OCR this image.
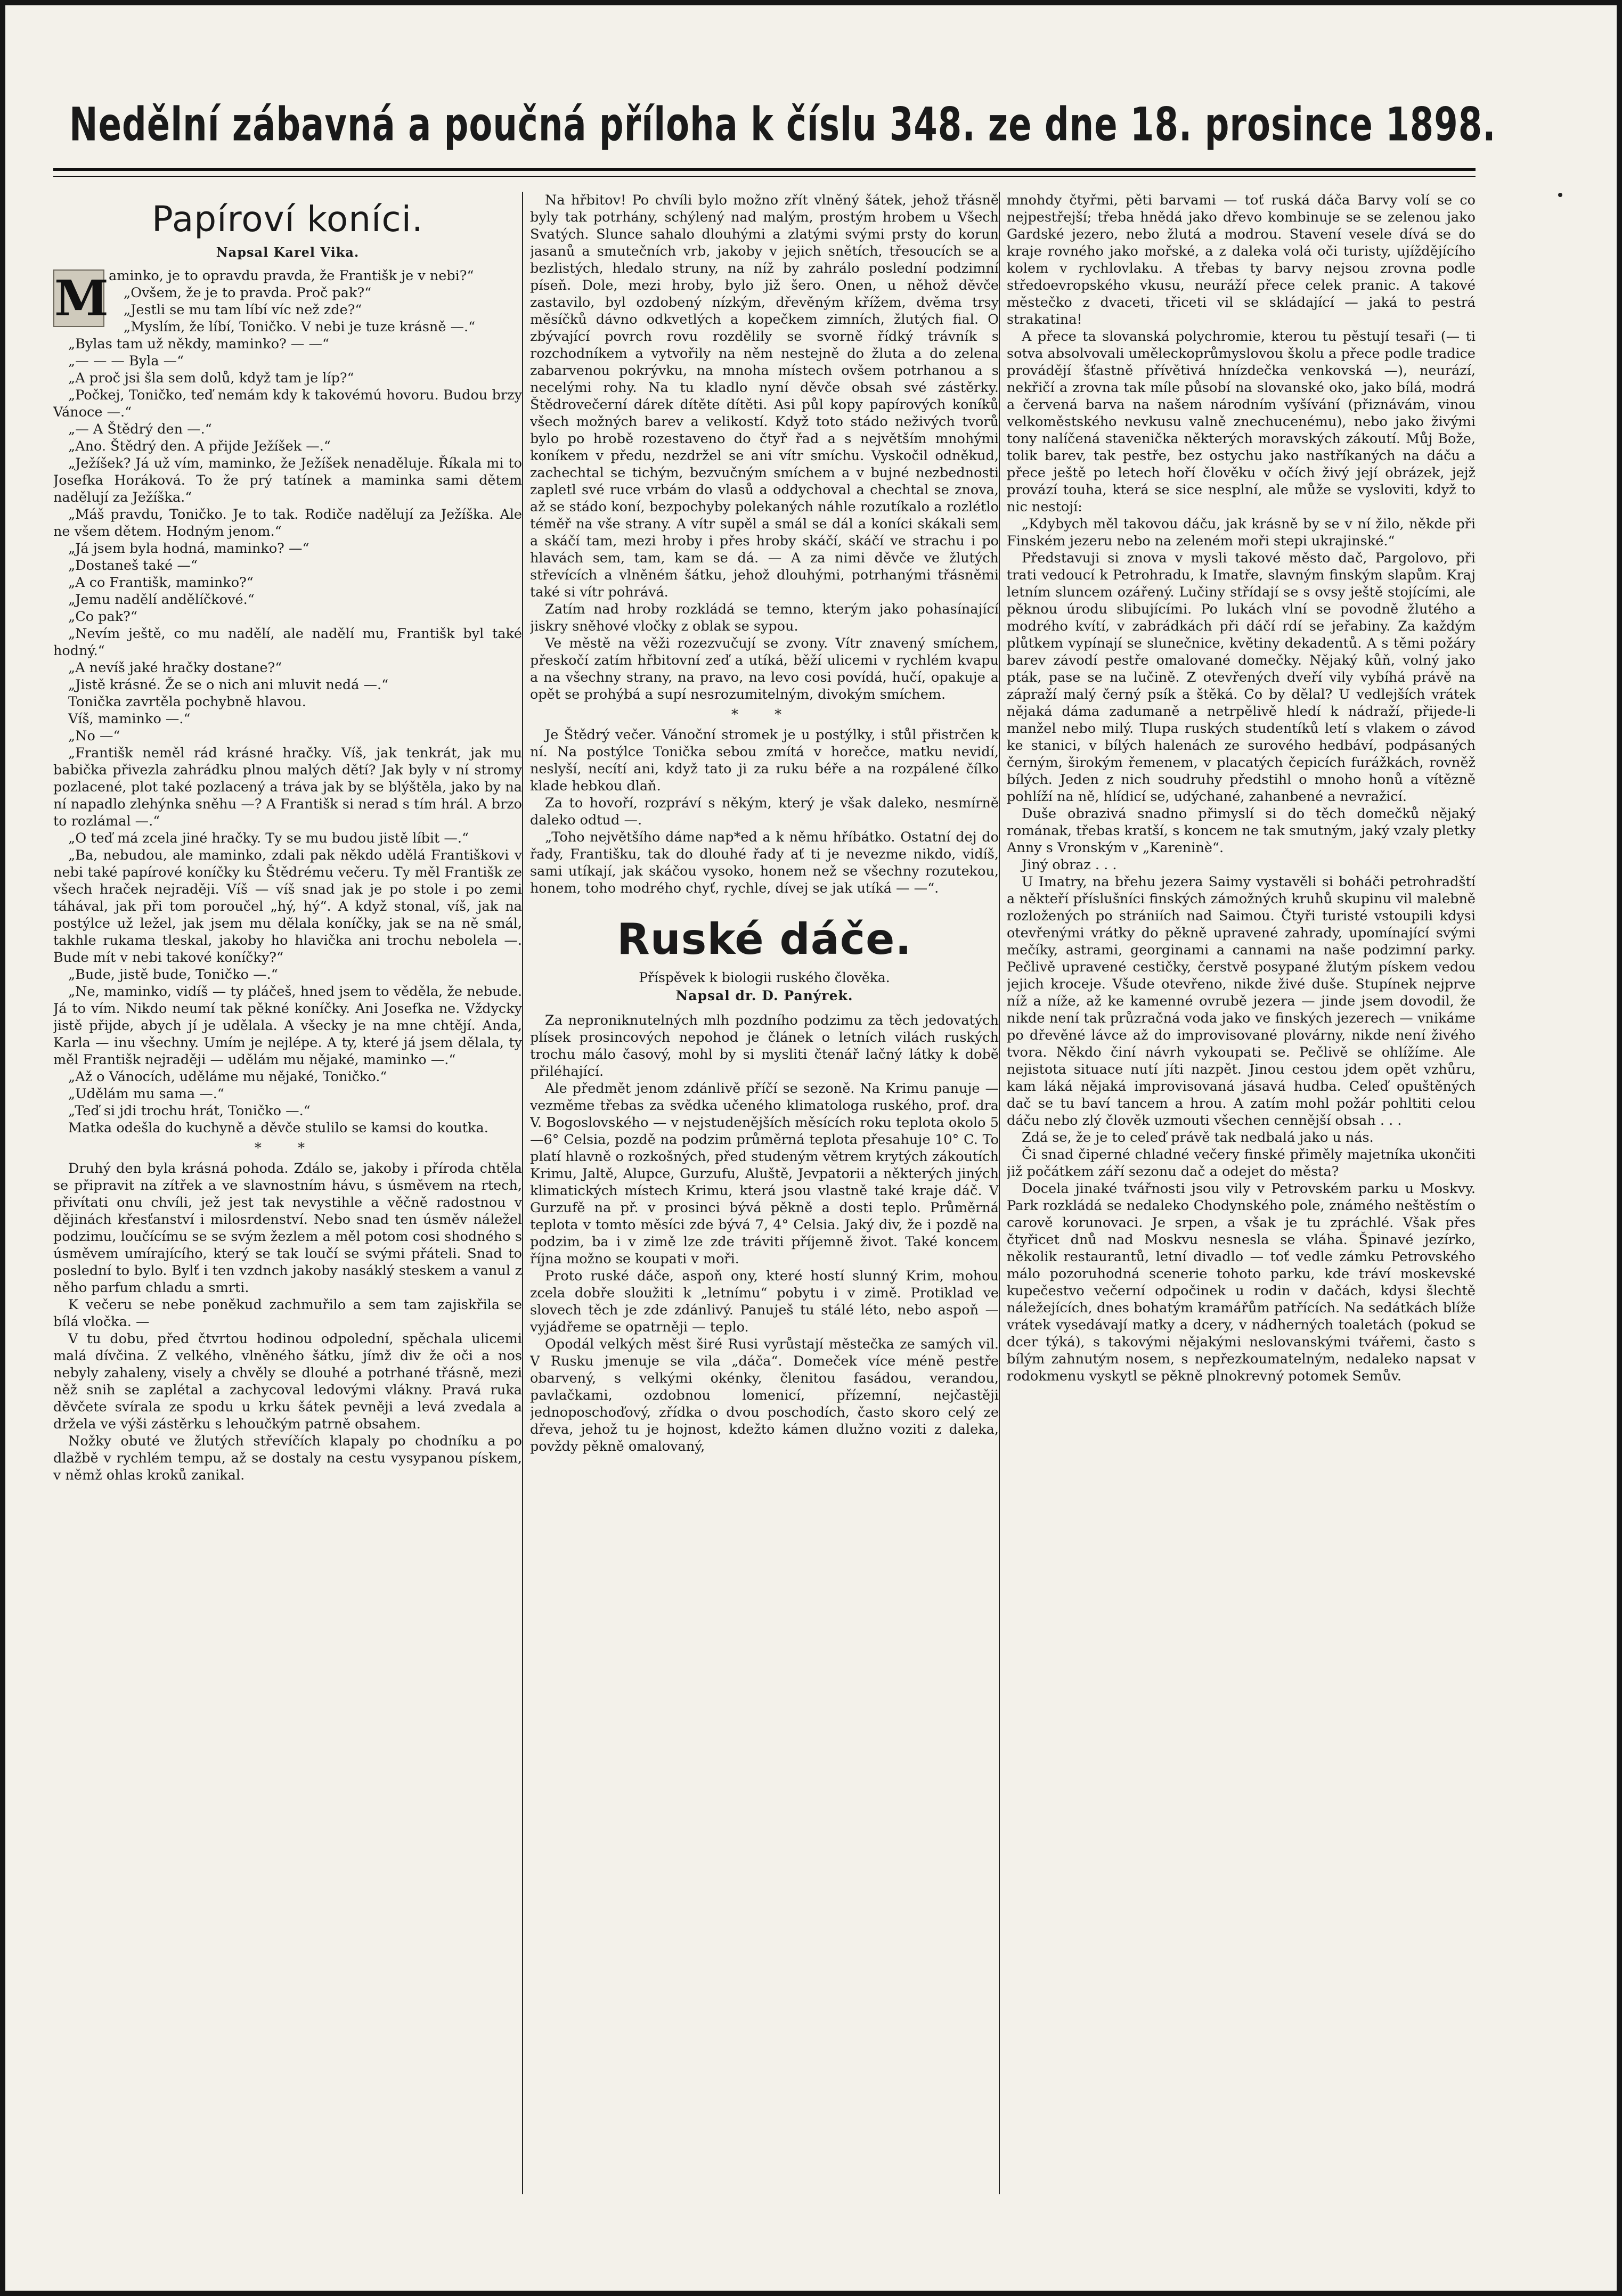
Nedělní zábavná a poučná příloha k číslu 348. ze dne 18. prosince 1898.
Papíroví koníci.
Napsal Karel Vika.
M aminko, je to opravdu pravda, že Františk je v nebi?“

„Ovšem, že je to pravda. Proč pak?“

„Jestli se mu tam líbí víc než zde?“

„Myslím, že líbí, Toničko. V nebi je tuze krásně —.“

„Bylas tam už někdy, maminko? — —“

„— — — Byla —“

„A proč jsi šla sem dolů, když tam je líp?“

„Počkej, Toničko, teď nemám kdy k takovémú hovoru. Budou brzy Vánoce —.“

„— A Štědrý den —.“

„Ano. Štědrý den. A přijde Ježíšek —.“

„Ježíšek? Já už vím, maminko, že Ježíšek nenaděluje. Říkala mi to Josefka Horáková. To že prý tatínek a maminka sami dětem nadělují za Ježíška.“

„Máš pravdu, Toničko. Je to tak. Rodiče nadělují za Ježíška. Ale ne všem dětem. Hodným jenom.“

„Já jsem byla hodná, maminko? —“

„Dostaneš také —“

„A co Františk, maminko?“

„Jemu nadělí andělíčkové.“

„Co pak?“

„Nevím ještě, co mu nadělí, ale nadělí mu, Františk byl také hodný.“

„A nevíš jaké hračky dostane?“

„Jistě krásné. Že se o nich ani mluvit nedá —.“

Tonička zavrtěla pochybně hlavou.

Víš, maminko —.“

„No —“

„Františk neměl rád krásné hračky. Víš, jak tenkrát, jak mu babička přivezla zahrádku plnou malých dětí? Jak byly v ní stromy pozlacené, plot také pozlacený a tráva jak by se blýštěla, jako by na ní napadlo zlehýnka sněhu —? A Františk si nerad s tím hrál. A brzo to rozlámal —.“

„O teď má zcela jiné hračky. Ty se mu budou jistě líbit —.“

„Ba, nebudou, ale maminko, zdali pak někdo udělá Františkovi v nebi také papírové koníčky ku Štědrému večeru. Ty měl Františk ze všech hraček nejraději. Víš — víš snad jak je po stole i po zemi táhával, jak při tom poroučel „hý, hý“. A když stonal, víš, jak na postýlce už ležel, jak jsem mu dělala koníčky, jak se na ně smál, takhle rukama tleskal, jakoby ho hlavička ani trochu nebolela —. Bude mít v nebi takové koníčky?“

„Bude, jistě bude, Toničko —.“

„Ne, maminko, vidíš — ty pláčeš, hned jsem to věděla, že nebude. Já to vím. Nikdo neumí tak pěkné koníčky. Ani Josefka ne. Vždycky jistě přijde, abych jí je udělala. A všecky je na mne chtějí. Anda, Karla — inu všechny. Umím je nejlépe. A ty, které já jsem dělala, ty měl Františk nejraději — udělám mu nějaké, maminko —.“

„Až o Vánocích, uděláme mu nějaké, Toničko.“

„Udělám mu sama —.“

„Teď si jdi trochu hrát, Toničko —.“

Matka odešla do kuchyně a děvče stulilo se kamsi do koutka.

* *

Druhý den byla krásná pohoda. Zdálo se, jakoby i příroda chtěla se připravit na zítřek a ve slavnostním hávu, s úsměvem na rtech, přivítati onu chvíli, jež jest tak nevystihle a věčně radostnou v dějinách křesťanství i milosrdenství. Nebo snad ten úsměv náležel podzimu, loučícímu se se svým žezlem a měl potom cosi shodného s úsměvem umírajícího, který se tak loučí se svými přáteli. Snad to poslední to bylo. Bylť i ten vzdnch jakoby nasáklý steskem a vanul z něho parfum chladu a smrti.

K večeru se nebe poněkud zachmuřilo a sem tam zajiskřila se bílá vločka. —

V tu dobu, před čtvrtou hodinou odpolední, spěchala ulicemi malá dívčina. Z velkého, vlněného šátku, jímž div že oči a nos nebyly zahaleny, visely a chvěly se dlouhé a potrhané třásně, mezi něž snih se zaplétal a zachycoval ledovými vlákny. Pravá ruka děvčete svírala ze spodu u krku šátek pevněji a levá zvedala a držela ve výši zástěrku s lehoučkým patrně obsahem.

Nožky obuté ve žlutých střevíčích klapaly po chodníku a po dlažbě v rychlém tempu, až se dostaly na cestu vysypanou pískem, v němž ohlas kroků zanikal.

Na hřbitov! Po chvíli bylo možno zřít vlněný šátek, jehož třásně byly tak potrhány, schýlený nad malým, prostým hrobem u Všech Svatých. Slunce sahalo dlouhými a zlatými svými prsty do korun jasanů a smutečních vrb, jakoby v jejich snětích, třesoucích se a bezlistých, hledalo struny, na níž by zahrálo poslední podzimní píseň. Dole, mezi hroby, bylo již šero. Onen, u něhož děvče zastavilo, byl ozdobený nízkým, dřevěným křížem, dvěma trsy měsíčků dávno odkvetlých a kopečkem zimních, žlutých fial. O zbývající povrch rovu rozdělily se svorně řídký trávník s rozchodníkem a vytvořily na něm nestejně do žluta a do zelena zabarvenou pokrývku, na mnoha místech ovšem potrhanou a s necelými rohy. Na tu kladlo nyní děvče obsah své zástěrky. Štědrovečerní dárek dítěte dítěti. Asi půl kopy papírových koníků všech možných barev a velikostí. Když toto stádo neživých tvorů bylo po hrobě rozestaveno do čtyř řad a s největším mnohými koníkem v předu, nezdržel se ani vítr smíchu. Vyskočil odněkud, zachechtal se tichým, bezvučným smíchem a v bujné nezbednosti zapletl své ruce vrbám do vlasů a oddychoval a chechtal se znova, až se stádo koní, bezpochyby polekaných náhle rozutíkalo a rozlétlo téměř na vše strany. A vítr supěl a smál se dál a koníci skákali sem a skáčí tam, mezi hroby i přes hroby skáčí, skáčí ve strachu i po hlavách sem, tam, kam se dá. — A za nimi děvče ve žlutých střevících a vlněném šátku, jehož dlouhými, potrhanými třásněmi také si vítr pohrává.

Zatím nad hroby rozkládá se temno, kterým jako pohasínající jiskry sněhové vločky z oblak se sypou.

Ve městě na věži rozezvučují se zvony. Vítr znavený smíchem, přeskočí zatím hřbitovní zeď a utíká, běží ulicemi v rychlém kvapu a na všechny strany, na pravo, na levo cosi povídá, hučí, opakuje a opět se prohýbá a supí nesrozumitelným, divokým smíchem.

* *

Je Štědrý večer. Vánoční stromek je u postýlky, i stůl přistrčen k ní. Na postýlce Tonička sebou zmítá v horečce, matku nevidí, neslyší, necítí ani, když tato ji za ruku béře a na rozpálené čílko klade hebkou dlaň.

Za to hovoří, rozpráví s někým, který je však daleko, nesmírně daleko odtud —.

„Toho největšího dáme nap*ed a k němu hříbátko. Ostatní dej do řady, Františku, tak do dlouhé řady ať ti je nevezme nikdo, vidíš, sami utíkají, jak skáčou vysoko, honem než se všechny rozutekou, honem, toho modrého chyť, rychle, dívej se jak utíká — —“.

Ruské dáče.
Příspěvek k biologii ruského člověka.
Napsal dr. D. Panýrek.

Za neproniknutelných mlh pozdního podzimu za těch jedovatých plísek prosincových nepohod je článek o letních vilách ruských trochu málo časový, mohl by si mysliti čtenář lačný látky k době přiléhající.

Ale předmět jenom zdánlivě příčí se sezoně. Na Krimu panuje — vezměme třebas za svědka učeného klimatologa ruského, prof. dra V. Bogoslovského — v nejstudenějších měsících roku teplota okolo 5—6° Celsia, pozdě na podzim průměrná teplota přesahuje 10° C. To platí hlavně o rozkošných, před studeným větrem krytých zákoutích Krimu, Jaltě, Alupce, Gurzufu, Aluště, Jevpatorii a některých jiných klimatických místech Krimu, která jsou vlastně také kraje dáč. V Gurzufě na př. v prosinci bývá pěkně a dosti teplo. Průměrná teplota v tomto měsíci zde bývá 7, 4° Celsia. Jaký div, že i pozdě na podzim, ba i v zimě lze zde tráviti příjemně život. Také koncem října možno se koupati v moři.

Proto ruské dáče, aspoň ony, které hostí slunný Krim, mohou zcela dobře sloužiti k „letnímu“ pobytu i v zimě. Protiklad ve slovech těch je zde zdánlivý. Panuješ tu stálé léto, nebo aspoň — vyjádřeme se opatrněji — teplo.

Opodál velkých měst širé Rusi vyrůstají městečka ze samých vil. V Rusku jmenuje se vila „dáča“. Domeček více méně pestře obarvený, s velkými okénky, členitou fasádou, verandou, pavlačkami, ozdobnou lomenicí, přízemní, nejčastěji jednoposchoďový, zřídka o dvou poschodích, často skoro celý ze dřeva, jehož tu je hojnost, kdežto kámen dlužno voziti z daleka, povždy pěkně omalovaný,

mnohdy čtyřmi, pěti barvami — toť ruská dáča Barvy volí se co nejpestřejší; třeba hnědá jako dřevo kombinuje se se zelenou jako Gardské jezero, nebo žlutá a modrou. Stavení vesele dívá se do kraje rovného jako mořské, a z daleka volá oči turisty, ujíždějícího kolem v rychlovlaku. A třebas ty barvy nejsou zrovna podle středoevropského vkusu, neuráží přece celek pranic. A takové městečko z dvaceti, třiceti vil se skládající — jaká to pestrá strakatina!

A přece ta slovanská polychromie, kterou tu pěstují tesaři (— ti sotva absolvovali uměleckoprůmyslovou školu a přece podle tradice provádějí šťastně přívětivá hnízdečka venkovská —), neurází, nekřičí a zrovna tak míle působí na slovanské oko, jako bílá, modrá a červená barva na našem národním vyšívání (přiznávám, vinou velkoměstského nevkusu valně znechucenému), nebo jako živými tony nalíčená stavenička některých moravských zákoutí. Můj Bože, tolik barev, tak pestře, bez ostychu jako nastříkaných na dáču a přece ještě po letech hoří člověku v očích živý její obrázek, jejž provází touha, která se sice nesplní, ale může se vysloviti, když to nic nestojí:

„Kdybych měl takovou dáču, jak krásně by se v ní žilo, někde při Finském jezeru nebo na zeleném moři stepi ukrajinské.“

Představuji si znova v mysli takové město dač, Pargolovo, při trati vedoucí k Petrohradu, k Imatře, slavným finským slapům. Kraj letním sluncem ozářený. Lučiny střídají se s ovsy ještě stojícími, ale pěknou úrodu slibujícími. Po lukách vlní se povodně žlutého a modrého kvítí, v zabrádkách při dáčí rdí se jeřabiny. Za každým plůtkem vypínají se slunečnice, květiny dekadentů. A s těmi požáry barev závodí pestře omalované domečky. Nějaký kůň, volný jako pták, pase se na lučině. Z otevřených dveří vily vybíhá právě na zápraží malý černý psík a štěká. Co by dělal? U vedlejších vrátek nějaká dáma zadumaně a netrpělivě hledí k nádraží, přijede-li manžel nebo milý. Tlupa ruských studentíků letí s vlakem o závod ke stanici, v bílých halenách ze surového hedbáví, podpásaných černým, širokým řemenem, v placatých čepicích furážkách, rovněž bílých. Jeden z nich soudruhy předstihl o mnoho honů a vítězně pohlíží na ně, hlídicí se, udýchané, zahanbené a nevražicí.

Duše obrazivá snadno přimyslí si do těch domečků nějaký romának, třebas kratší, s koncem ne tak smutným, jaký vzaly pletky Anny s Vronským v „Kareninè“.

Jiný obraz . . .

U Imatry, na břehu jezera Saimy vystavěli si boháči petrohradští a někteří příslušníci finských zámožných kruhů skupinu vil malebně rozložených po strániích nad Saimou. Čtyři turisté vstoupili kdysi otevřenými vrátky do pěkně upravené zahrady, upomínající svými mečíky, astrami, georginami a cannami na naše podzimní parky. Pečlivě upravené cestičky, čerstvě posypané žlutým pískem vedou jejich kroceje. Všude otevřeno, nikde živé duše. Stupínek nejprve níž a níže, až ke kamenné ovrubě jezera — jinde jsem dovodil, že nikde není tak průzračná voda jako ve finských jezerech — vnikáme po dřevěné lávce až do improvisované plovárny, nikde není živého tvora. Někdo činí návrh vykoupati se. Pečlivě se ohlížíme. Ale nejistota situace nutí jíti nazpět. Jinou cestou jdem opět vzhůru, kam láká nějaká improvisovaná jásavá hudba. Celeď opuštěných dač se tu baví tancem a hrou. A zatím mohl požár pohltiti celou dáču nebo zlý člověk uzmouti všechen cennější obsah . . .

Zdá se, že je to celeď právě tak nedbalá jako u nás.

Či snad čiperné chladné večery finské přiměly majetníka ukončiti již počátkem září sezonu dač a odejet do města?

Docela jinaké tvářnosti jsou vily v Petrovském parku u Moskvy. Park rozkládá se nedaleko Chodynského pole, známého neštěstím o carově korunovaci. Je srpen, a však je tu zpráchlé. Však přes čtyřicet dnů nad Moskvu nesnesla se vláha. Špinavé jezírko, několik restaurantů, letní divadlo — toť vedle zámku Petrovského málo pozoruhodná scenerie tohoto parku, kde tráví moskevské kupečestvo večerní odpočinek u rodin v dačách, kdysi šlechtě náležejících, dnes bohatým kramářům patřících. Na sedátkách blíže vrátek vysedávají matky a dcery, v nádherných toaletách (pokud se dcer týká), s takovými nějakými neslovanskými tvářemi, často s bílým zahnutým nosem, s nepřezkoumatelným, nedaleko napsat v rodokmenu vyskytl se pěkně plnokrevný potomek Semův.
